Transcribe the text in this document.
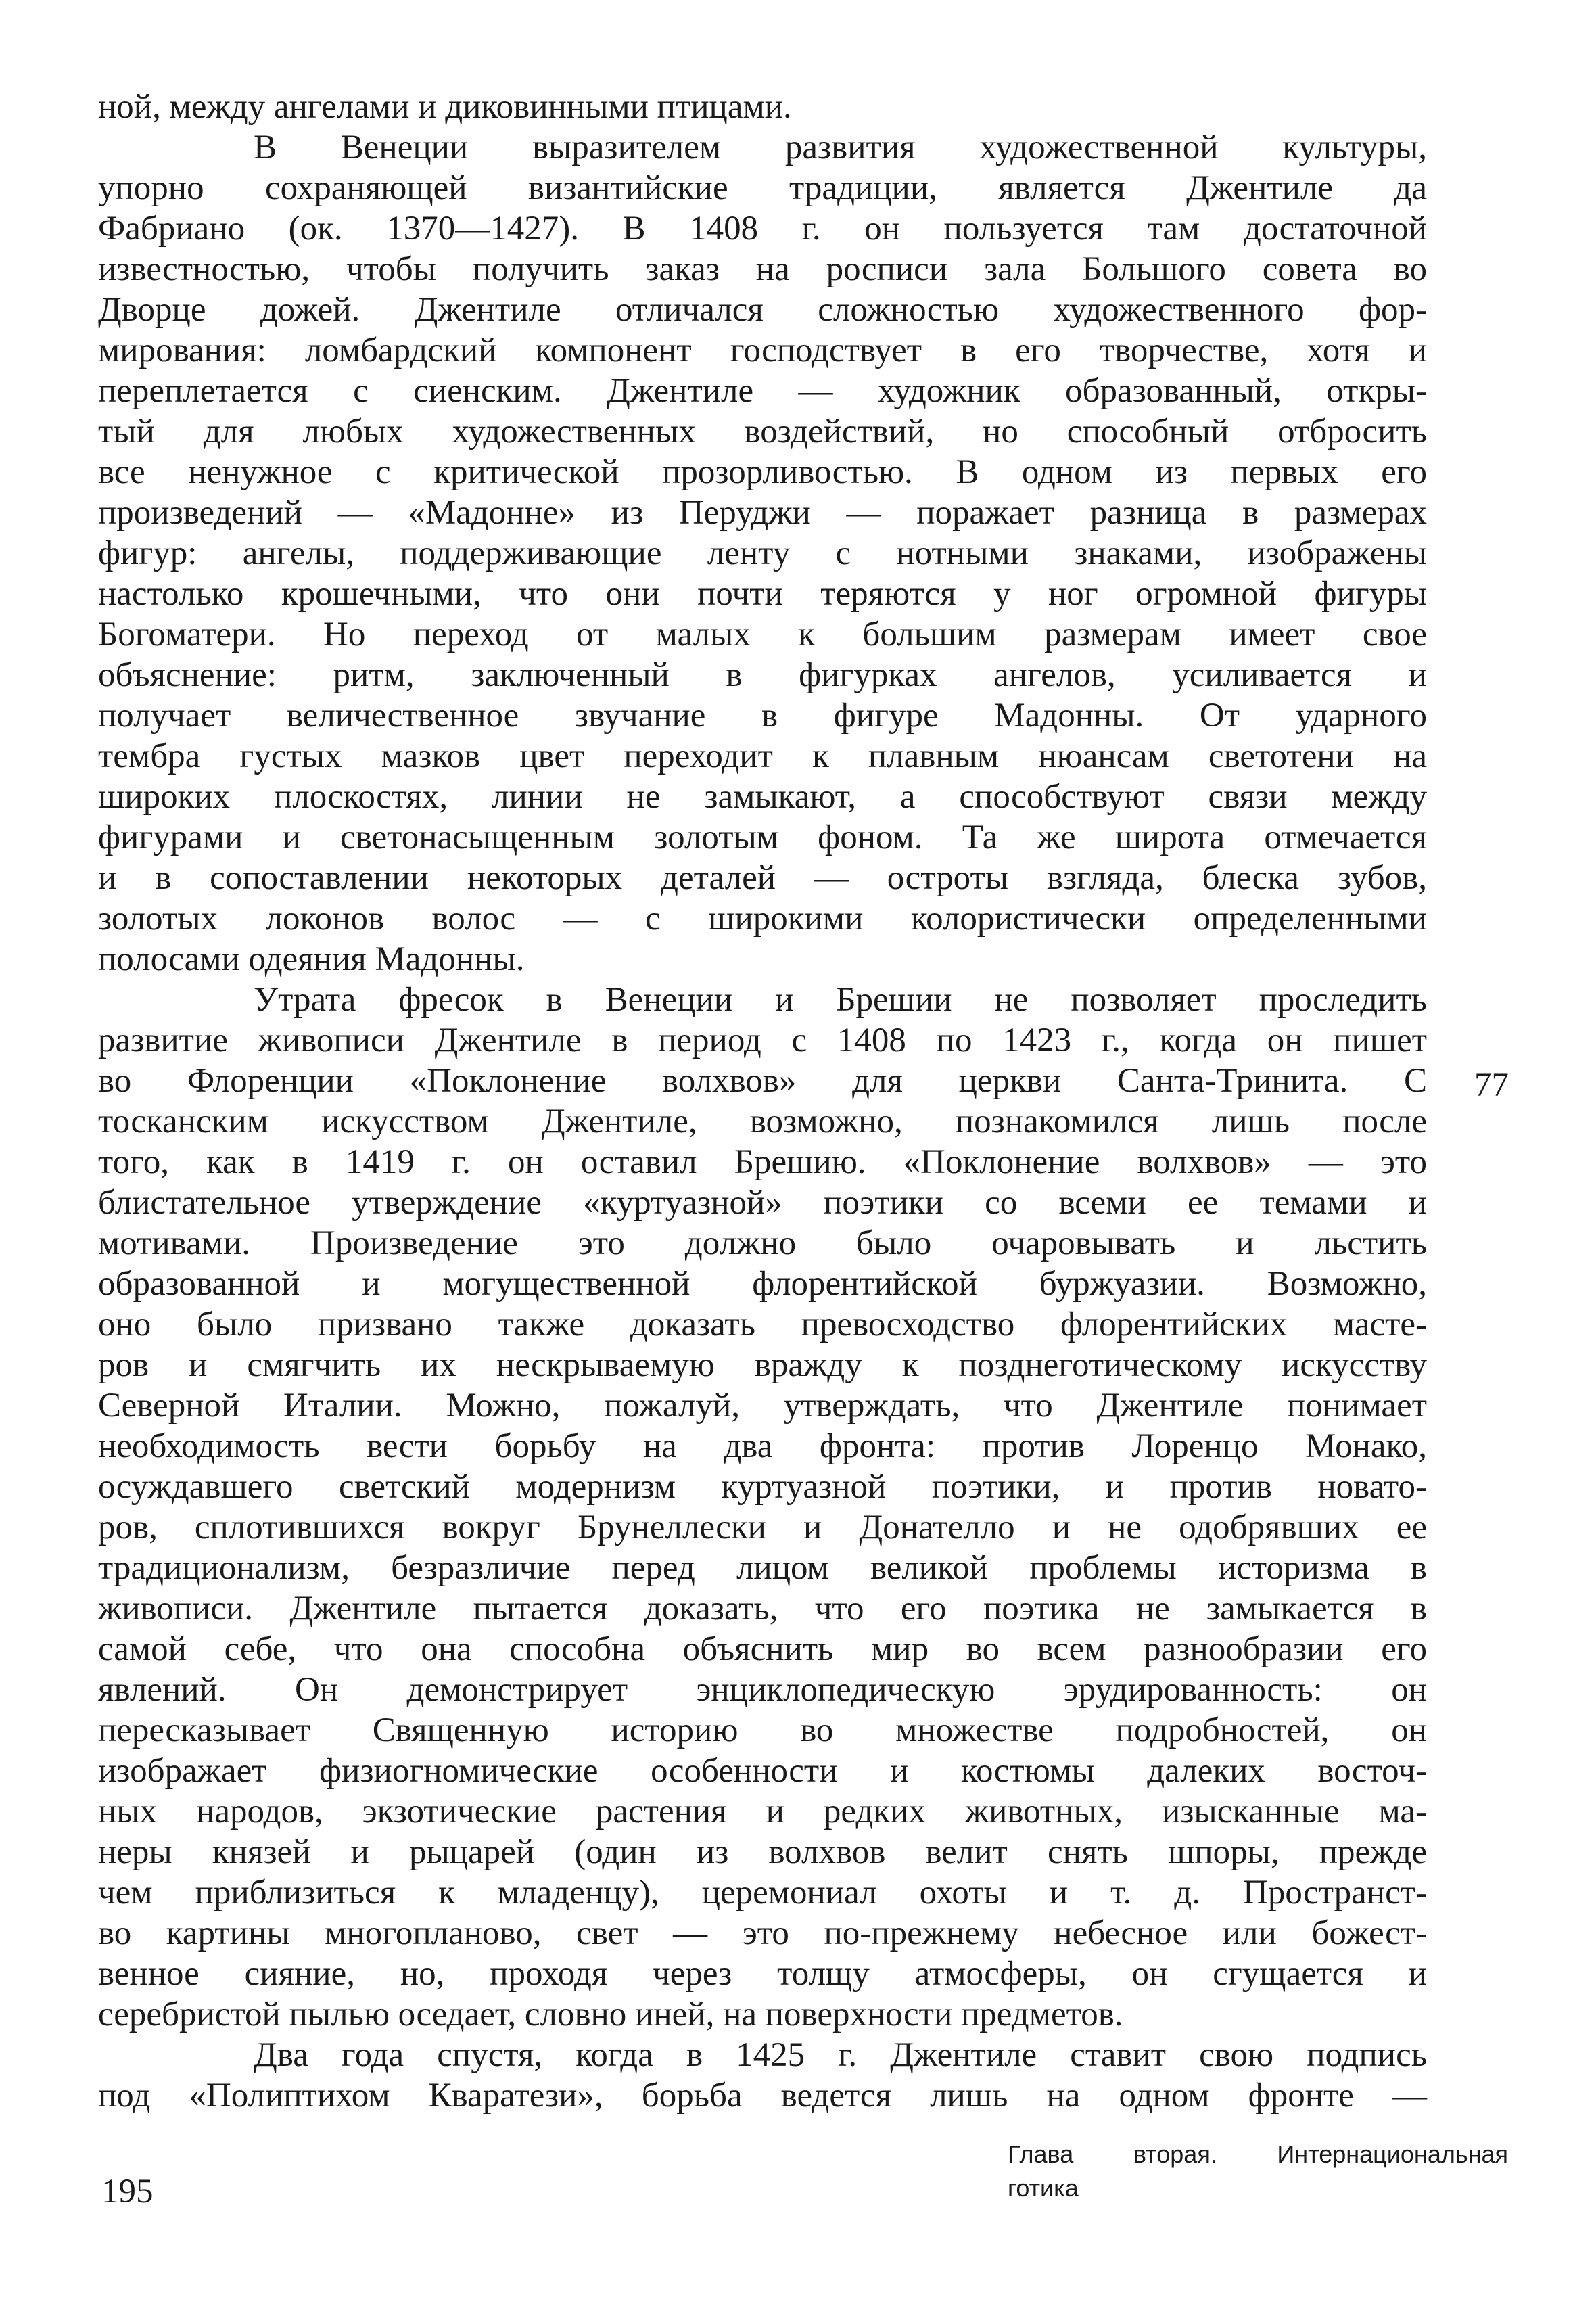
ной, между ангелами и диковинными птицами.
В Венеции выразителем развития художественной культуры,
упорно сохраняющей византийские традиции, является Джентиле да
Фабриано (ок. 1370—1427). В 1408 г. он пользуется там достаточной
известностью, чтобы получить заказ на росписи зала Большого совета во
Дворце дожей. Джентиле отличался сложностью художественного фор-
мирования: ломбардский компонент господствует в его творчестве, хотя и
переплетается с сиенским. Джентиле — художник образованный, откры-
тый для любых художественных воздействий, но способный отбросить
все ненужное с критической прозорливостью. В одном из первых его
произведений — «Мадонне» из Перуджи — поражает разница в размерах
фигур: ангелы, поддерживающие ленту с нотными знаками, изображены
настолько крошечными, что они почти теряются у ног огромной фигуры
Богоматери. Но переход от малых к большим размерам имеет свое
объяснение: ритм, заключенный в фигурках ангелов, усиливается и
получает величественное звучание в фигуре Мадонны. От ударного
тембра густых мазков цвет переходит к плавным нюансам светотени на
широких плоскостях, линии не замыкают, а способствуют связи между
фигурами и светонасыщенным золотым фоном. Та же широта отмечается
и в сопоставлении некоторых деталей — остроты взгляда, блеска зубов,
золотых локонов волос — с широкими колористически определенными
полосами одеяния Мадонны.
Утрата фресок в Венеции и Брешии не позволяет проследить
развитие живописи Джентиле в период с 1408 по 1423 г., когда он пишет
во Флоренции «Поклонение волхвов» для церкви Санта-Тринита. С
тосканским искусством Джентиле, возможно, познакомился лишь после
того, как в 1419 г. он оставил Брешию. «Поклонение волхвов» — это
блистательное утверждение «куртуазной» поэтики со всеми ее темами и
мотивами. Произведение это должно было очаровывать и льстить
образованной и могущественной флорентийской буржуазии. Возможно,
оно было призвано также доказать превосходство флорентийских масте-
ров и смягчить их нескрываемую вражду к позднеготическому искусству
Северной Италии. Можно, пожалуй, утверждать, что Джентиле понимает
необходимость вести борьбу на два фронта: против Лоренцо Монако,
осуждавшего светский модернизм куртуазной поэтики, и против новато-
ров, сплотившихся вокруг Брунеллески и Донателло и не одобрявших ее
традиционализм, безразличие перед лицом великой проблемы историзма в
живописи. Джентиле пытается доказать, что его поэтика не замыкается в
самой себе, что она способна объяснить мир во всем разнообразии его
явлений. Он демонстрирует энциклопедическую эрудированность: он
пересказывает Священную историю во множестве подробностей, он
изображает физиогномические особенности и костюмы далеких восточ-
ных народов, экзотические растения и редких животных, изысканные ма-
неры князей и рыцарей (один из волхвов велит снять шпоры, прежде
чем приблизиться к младенцу), церемониал охоты и т. д. Пространст-
во картины многопланово, свет — это по-прежнему небесное или божест-
венное сияние, но, проходя через толщу атмосферы, он сгущается и
серебристой пылью оседает, словно иней, на поверхности предметов.
Два года спустя, когда в 1425 г. Джентиле ставит свою подпись
под «Полиптихом Кваратези», борьба ведется лишь на одном фронте —
77
195
Глава вторая. Интернациональная
готика
